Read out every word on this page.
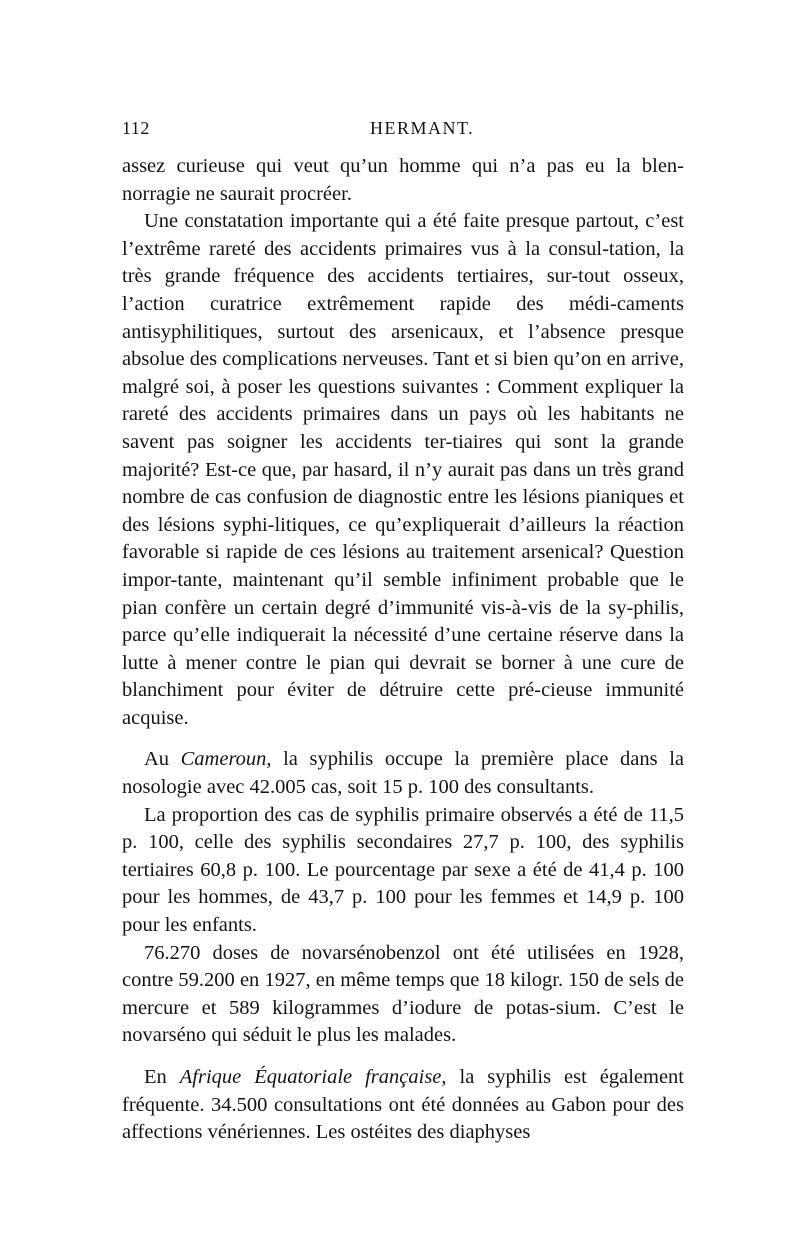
112	HERMANT.

assez curieuse qui veut qu’un homme qui n’a pas eu la blen-norragie ne saurait procréer.

Une constatation importante qui a été faite presque partout, c’est l’extrême rareté des accidents primaires vus à la consul-tation, la très grande fréquence des accidents tertiaires, sur-tout osseux, l’action curatrice extrêmement rapide des médi-caments antisyphilitiques, surtout des arsenicaux, et l’absence presque absolue des complications nerveuses. Tant et si bien qu’on en arrive, malgré soi, à poser les questions suivantes : Comment expliquer la rareté des accidents primaires dans un pays où les habitants ne savent pas soigner les accidents ter-tiaires qui sont la grande majorité? Est-ce que, par hasard, il n’y aurait pas dans un très grand nombre de cas confusion de diagnostic entre les lésions pianiques et des lésions syphi-litiques, ce qu’expliquerait d’ailleurs la réaction favorable si rapide de ces lésions au traitement arsenical? Question impor-tante, maintenant qu’il semble infiniment probable que le pian confère un certain degré d’immunité vis-à-vis de la sy-philis, parce qu’elle indiquerait la nécessité d’une certaine réserve dans la lutte à mener contre le pian qui devrait se borner à une cure de blanchiment pour éviter de détruire cette pré-cieuse immunité acquise.

Au Cameroun, la syphilis occupe la première place dans la nosologie avec 42.005 cas, soit 15 p. 100 des consultants.

La proportion des cas de syphilis primaire observés a été de 11,5 p. 100, celle des syphilis secondaires 27,7 p. 100, des syphilis tertiaires 60,8 p. 100. Le pourcentage par sexe a été de 41,4 p. 100 pour les hommes, de 43,7 p. 100 pour les femmes et 14,9 p. 100 pour les enfants.

76.270 doses de novarsénobenzol ont été utilisées en 1928, contre 59.200 en 1927, en même temps que 18 kilogr. 150 de sels de mercure et 589 kilogrammes d’iodure de potas-sium. C’est le novarséno qui séduit le plus les malades.

En Afrique Équatoriale française, la syphilis est également fréquente. 34.500 consultations ont été données au Gabon pour des affections vénériennes. Les ostéites des diaphyses
